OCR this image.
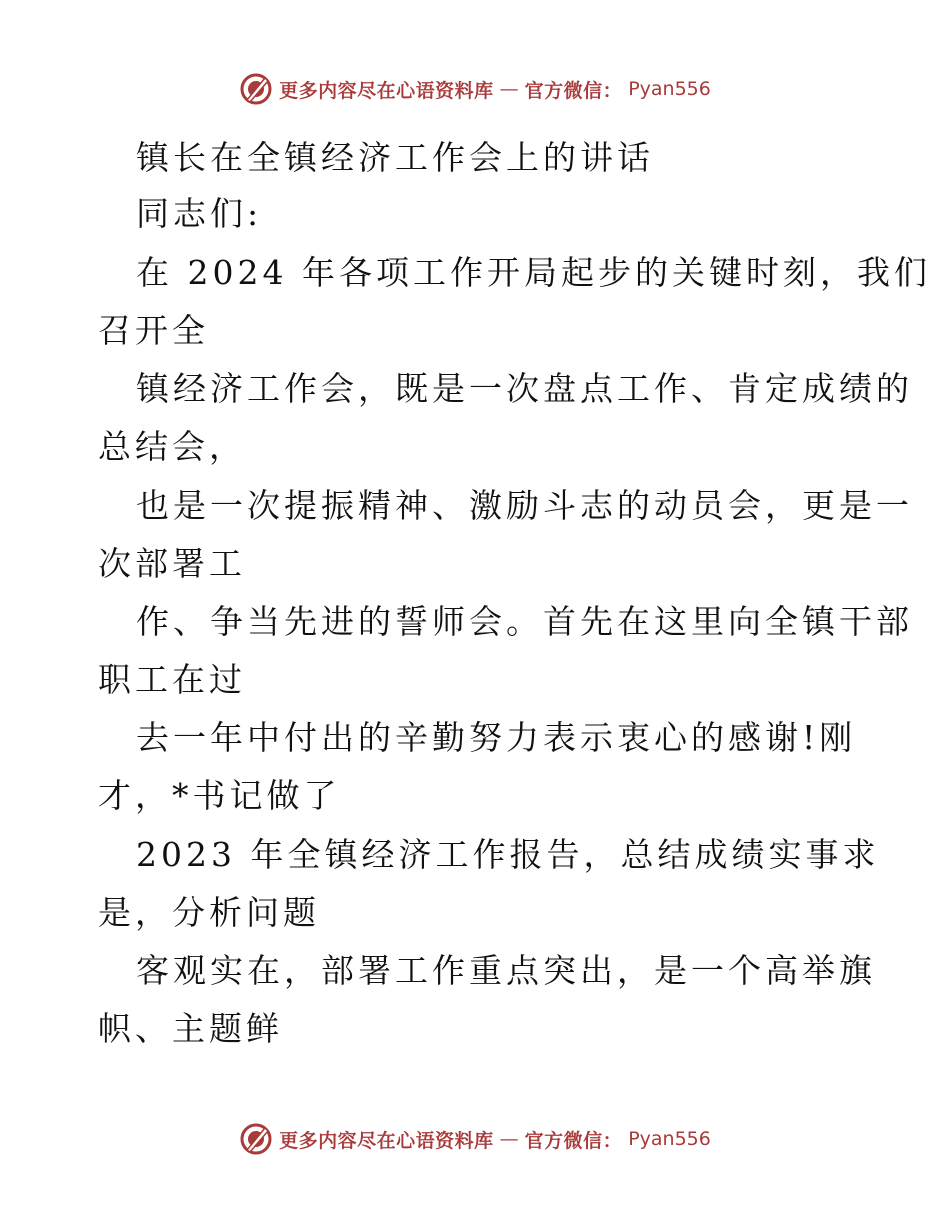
更多内容尽在心语资料库 — 官方微信： Pyan556
镇长在全镇经济工作会上的讲话
同志们:
在 2024 年各项工作开局起步的关键时刻，我们
召开全
镇经济工作会，既是一次盘点工作、肯定成绩的
总结会，
也是一次提振精神、激励斗志的动员会，更是一
次部署工
作、争当先进的誓师会。首先在这里向全镇干部
职工在过
去一年中付出的辛勤努力表示衷心的感谢!刚
才，*书记做了
2023 年全镇经济工作报告，总结成绩实事求
是，分析问题
客观实在，部署工作重点突出，是一个高举旗
帜、主题鲜
更多内容尽在心语资料库 — 官方微信： Pyan556
